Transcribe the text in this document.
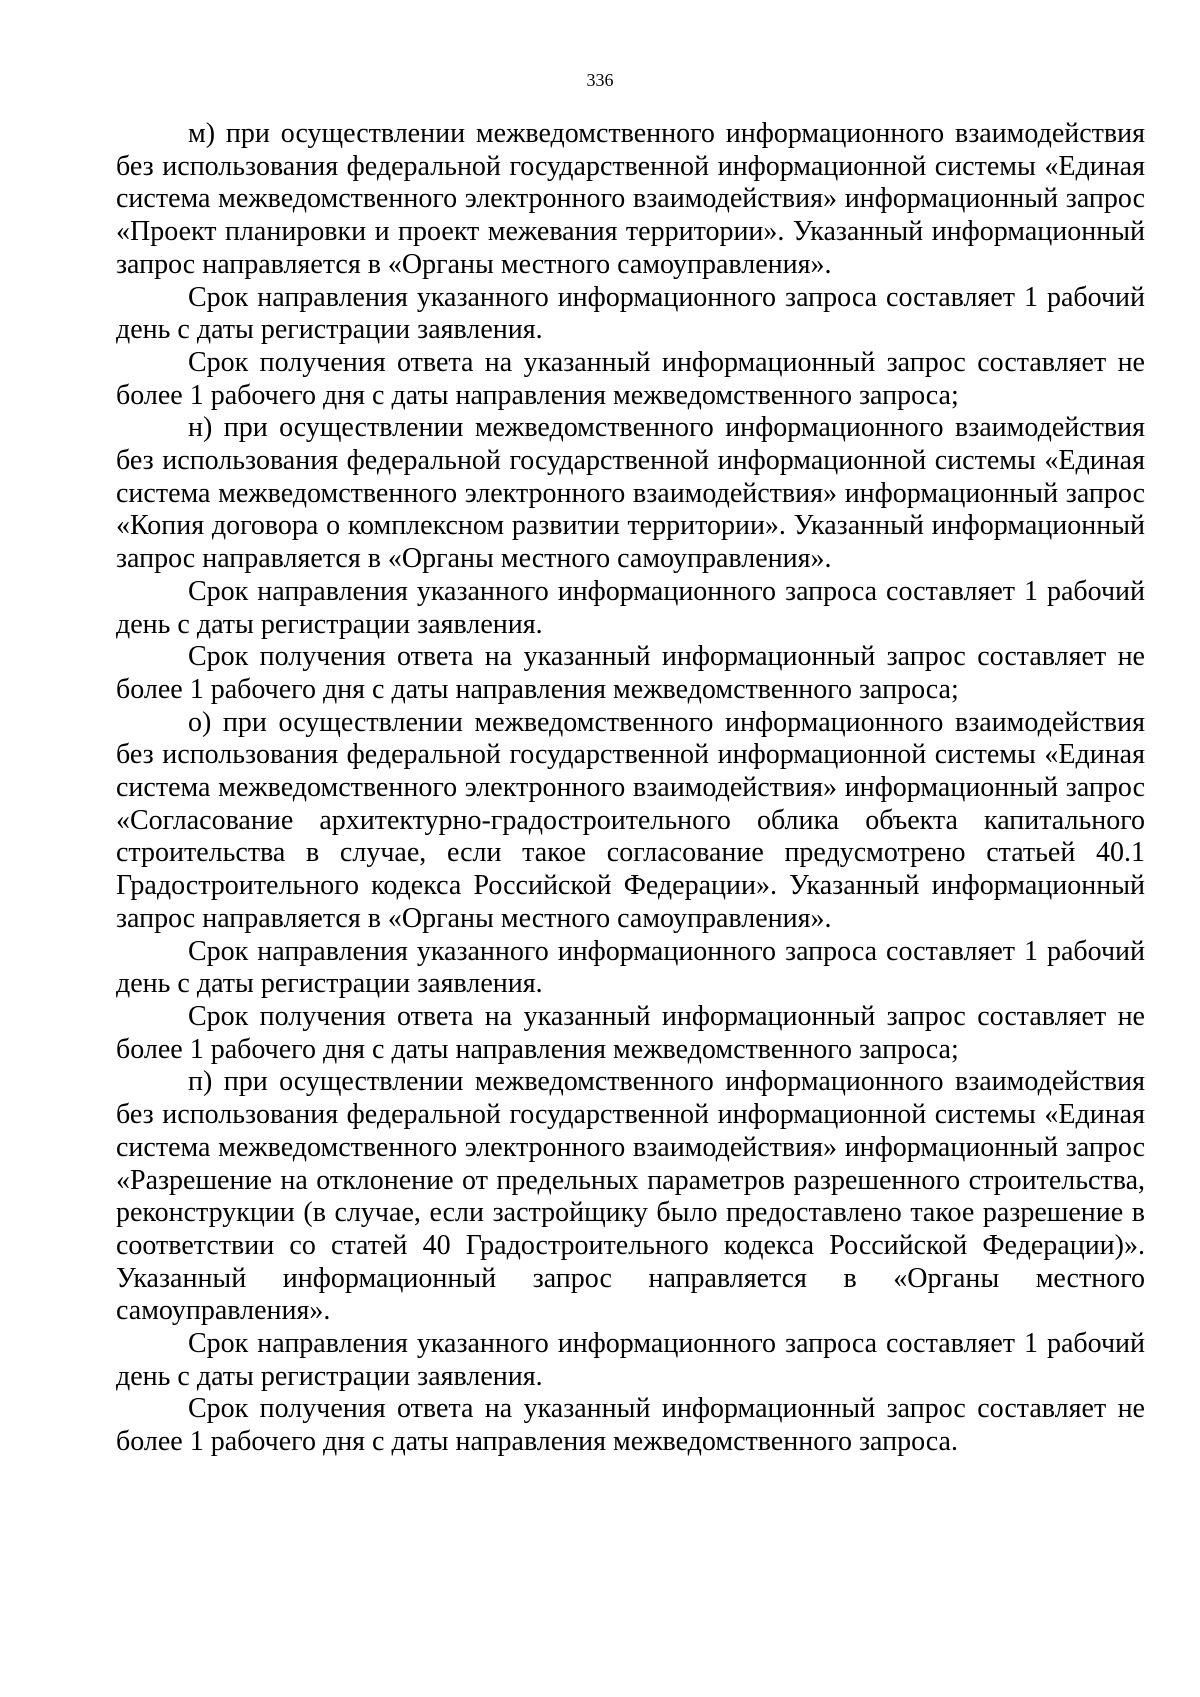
336

м) при осуществлении межведомственного информационного взаимодействия без использования федеральной государственной информационной системы «Единая система межведомственного электронного взаимодействия» информационный запрос «Проект планировки и проект межевания территории». Указанный информационный запрос направляется в «Органы местного самоуправления».

Срок направления указанного информационного запроса составляет 1 рабочий день с даты регистрации заявления.

Срок получения ответа на указанный информационный запрос составляет не более 1 рабочего дня с даты направления межведомственного запроса;

н) при осуществлении межведомственного информационного взаимодействия без использования федеральной государственной информационной системы «Единая система межведомственного электронного взаимодействия» информационный запрос «Копия договора о комплексном развитии территории». Указанный информационный запрос направляется в «Органы местного самоуправления».

Срок направления указанного информационного запроса составляет 1 рабочий день с даты регистрации заявления.

Срок получения ответа на указанный информационный запрос составляет не более 1 рабочего дня с даты направления межведомственного запроса;

о) при осуществлении межведомственного информационного взаимодействия без использования федеральной государственной информационной системы «Единая система межведомственного электронного взаимодействия» информационный запрос «Согласование архитектурно-градостроительного облика объекта капитального строительства в случае, если такое согласование предусмотрено статьей 40.1 Градостроительного кодекса Российской Федерации». Указанный информационный запрос направляется в «Органы местного самоуправления».

Срок направления указанного информационного запроса составляет 1 рабочий день с даты регистрации заявления.

Срок получения ответа на указанный информационный запрос составляет не более 1 рабочего дня с даты направления межведомственного запроса;

п) при осуществлении межведомственного информационного взаимодействия без использования федеральной государственной информационной системы «Единая система межведомственного электронного взаимодействия» информационный запрос «Разрешение на отклонение от предельных параметров разрешенного строительства, реконструкции (в случае, если застройщику было предоставлено такое разрешение в соответствии со статей 40 Градостроительного кодекса Российской Федерации)». Указанный информационный запрос направляется в «Органы местного самоуправления».

Срок направления указанного информационного запроса составляет 1 рабочий день с даты регистрации заявления.

Срок получения ответа на указанный информационный запрос составляет не более 1 рабочего дня с даты направления межведомственного запроса.
